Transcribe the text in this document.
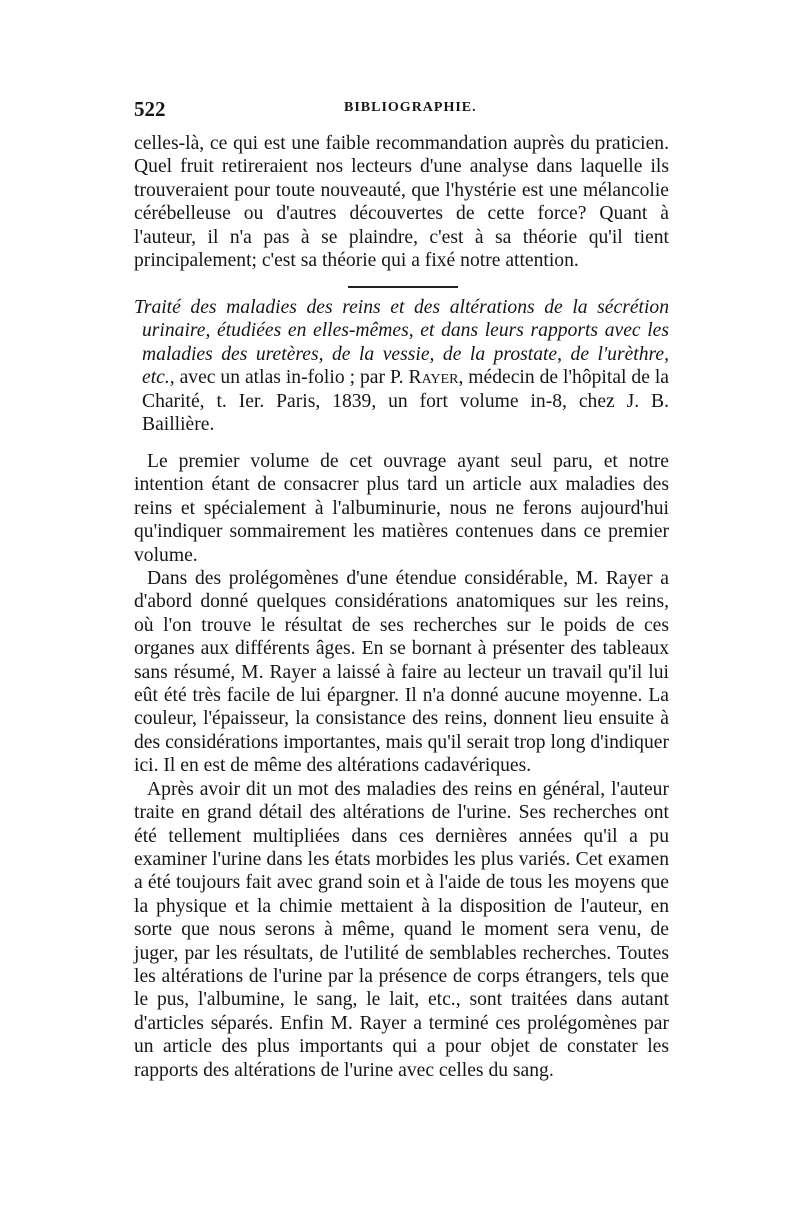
522	BIBLIOGRAPHIE.

celles-là, ce qui est une faible recommandation auprès du praticien. Quel fruit retireraient nos lecteurs d'une analyse dans laquelle ils trouveraient pour toute nouveauté, que l'hystérie est une mélancolie cérébelleuse ou d'autres découvertes de cette force? Quant à l'auteur, il n'a pas à se plaindre, c'est à sa théorie qu'il tient principalement; c'est sa théorie qui a fixé notre attention.

Traité des maladies des reins et des altérations de la sécrétion urinaire, étudiées en elles-mêmes, et dans leurs rapports avec les maladies des uretères, de la vessie, de la prostate, de l'urèthre, etc., avec un atlas in-folio ; par P. Rayer, médecin de l'hôpital de la Charité, t. Ier. Paris, 1839, un fort volume in-8, chez J. B. Baillière.

Le premier volume de cet ouvrage ayant seul paru, et notre intention étant de consacrer plus tard un article aux maladies des reins et spécialement à l'albuminurie, nous ne ferons aujourd'hui qu'indiquer sommairement les matières contenues dans ce premier volume.

Dans des prolégomènes d'une étendue considérable, M. Rayer a d'abord donné quelques considérations anatomiques sur les reins, où l'on trouve le résultat de ses recherches sur le poids de ces organes aux différents âges. En se bornant à présenter des tableaux sans résumé, M. Rayer a laissé à faire au lecteur un travail qu'il lui eût été très facile de lui épargner. Il n'a donné aucune moyenne. La couleur, l'épaisseur, la consistance des reins, donnent lieu ensuite à des considérations importantes, mais qu'il serait trop long d'indiquer ici. Il en est de même des altérations cadavériques.

Après avoir dit un mot des maladies des reins en général, l'auteur traite en grand détail des altérations de l'urine. Ses recherches ont été tellement multipliées dans ces dernières années qu'il a pu examiner l'urine dans les états morbides les plus variés. Cet examen a été toujours fait avec grand soin et à l'aide de tous les moyens que la physique et la chimie mettaient à la disposition de l'auteur, en sorte que nous serons à même, quand le moment sera venu, de juger, par les résultats, de l'utilité de semblables recherches. Toutes les altérations de l'urine par la présence de corps étrangers, tels que le pus, l'albumine, le sang, le lait, etc., sont traitées dans autant d'articles séparés. Enfin M. Rayer a terminé ces prolégomènes par un article des plus importants qui a pour objet de constater les rapports des altérations de l'urine avec celles du sang.
